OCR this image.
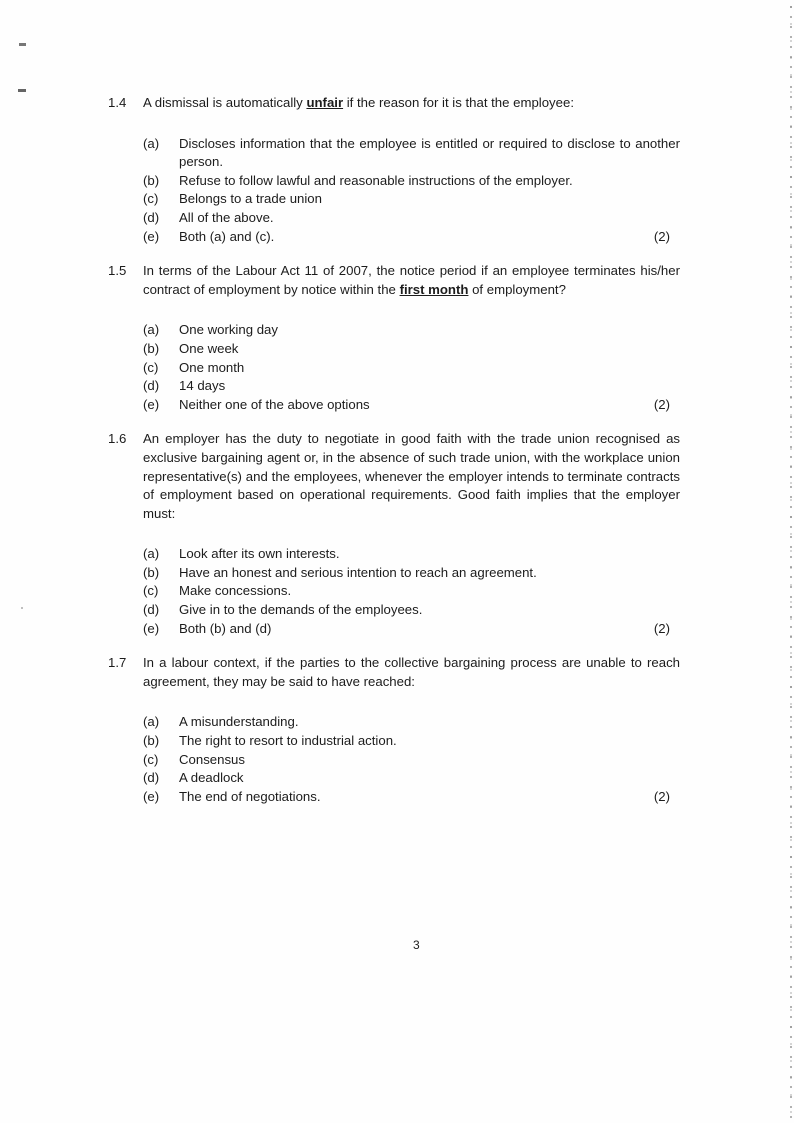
1.4	A dismissal is automatically unfair if the reason for it is that the employee:

(a)	Discloses information that the employee is entitled or required to disclose to another person.

(b)	Refuse to follow lawful and reasonable instructions of the employer.

(c)	Belongs to a trade union

(d)	All of the above.

(e)	Both (a) and (c).	(2)
1.5	In terms of the Labour Act 11 of 2007, the notice period if an employee terminates his/her contract of employment by notice within the first month of employment?

(a)	One working day

(b)	One week

(c)	One month

(d)	14 days

(e)	Neither one of the above options	(2)
1.6	An employer has the duty to negotiate in good faith with the trade union recognised as exclusive bargaining agent or, in the absence of such trade union, with the workplace union representative(s) and the employees, whenever the employer intends to terminate contracts of employment based on operational requirements. Good faith implies that the employer must:

(a)	Look after its own interests.

(b)	Have an honest and serious intention to reach an agreement.

(c)	Make concessions.

(d)	Give in to the demands of the employees.

(e)	Both (b) and (d)	(2)
1.7	In a labour context, if the parties to the collective bargaining process are unable to reach agreement, they may be said to have reached:

(a)	A misunderstanding.

(b)	The right to resort to industrial action.

(c)	Consensus

(d)	A deadlock

(e)	The end of negotiations.	(2)
3
